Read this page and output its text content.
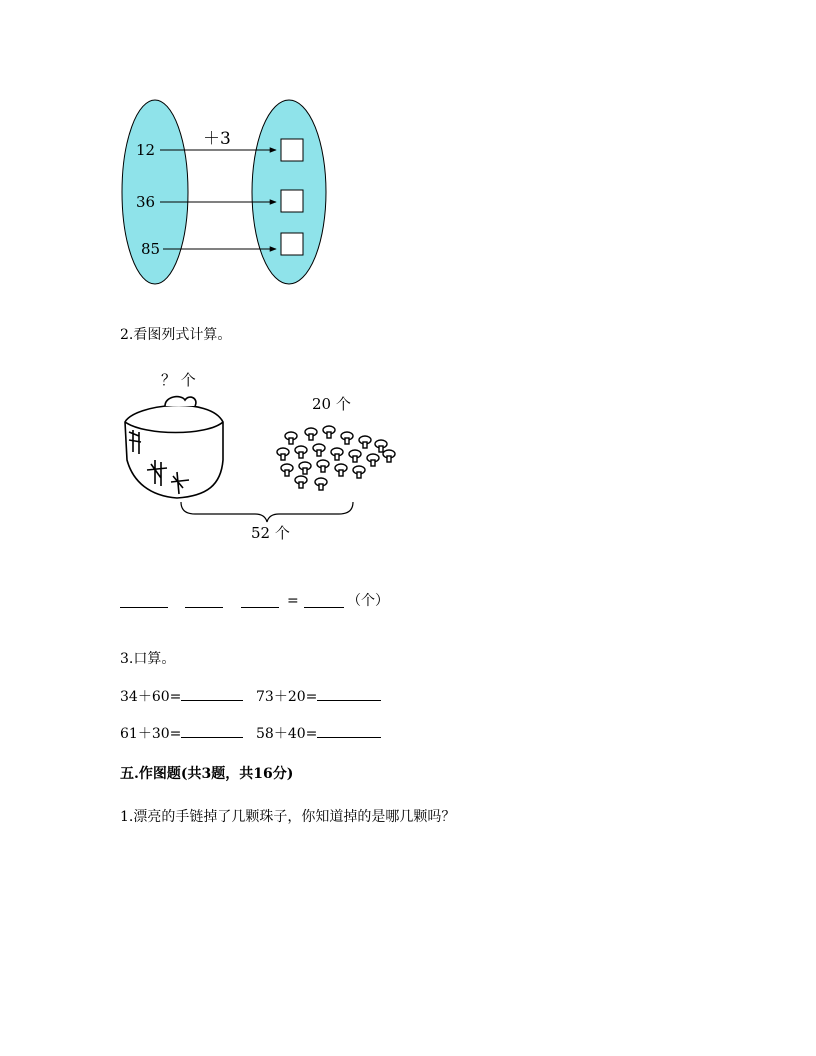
＋3
12
36
85
2.看图列式计算。
？ 个
20 个
52 个
=	（个）
3.口算。
34＋60=	73＋20=
61＋30=	58＋40=
五.作图题(共3题，共16分)
1.漂亮的手链掉了几颗珠子，你知道掉的是哪几颗吗？
